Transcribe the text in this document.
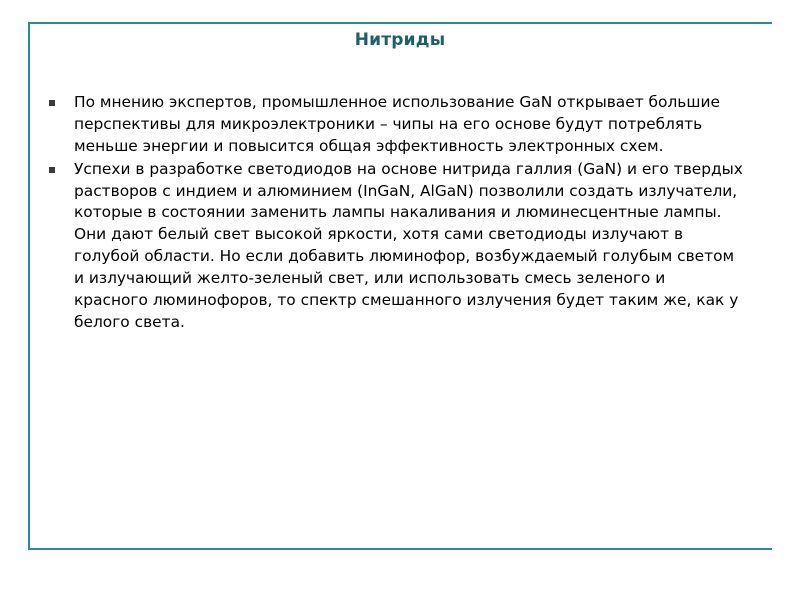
Нитриды
По мнению экспертов, промышленное использование GaN открывает большие перспективы для микроэлектроники – чипы на его основе будут потреблять меньше энергии и повысится общая эффективность электронных схем.
Успехи в разработке светодиодов на основе нитрида галлия (GaN) и его твердых растворов с индием и алюминием (InGaN, AlGaN) позволили создать излучатели, которые в состоянии заменить лампы накаливания и люминесцентные лампы. Они дают белый свет высокой яркости, хотя сами светодиоды излучают в голубой области. Но если добавить люминофор, возбуждаемый голубым светом и излучающий желто-зеленый свет, или использовать смесь зеленого и красного люминофоров, то спектр смешанного излучения будет таким же, как у белого света.
